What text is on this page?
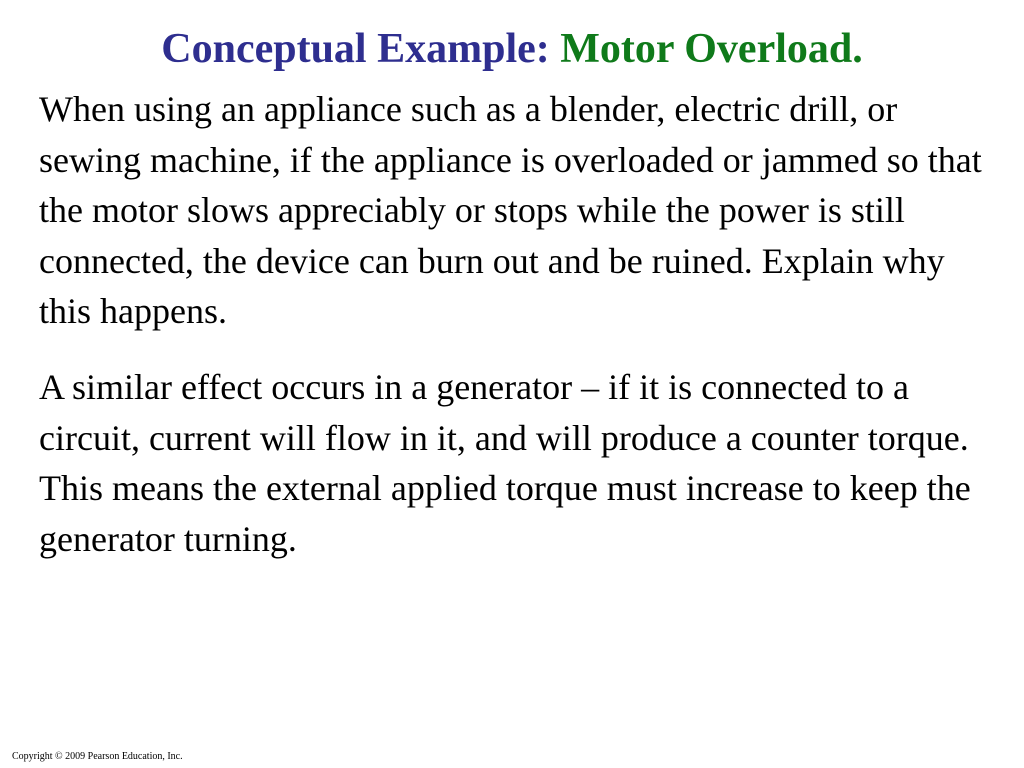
Conceptual Example: Motor Overload.

When using an appliance such as a blender, electric drill, or sewing machine, if the appliance is overloaded or jammed so that the motor slows appreciably or stops while the power is still connected, the device can burn out and be ruined. Explain why this happens.

A similar effect occurs in a generator – if it is connected to a circuit, current will flow in it, and will produce a counter torque. This means the external applied torque must increase to keep the generator turning.

Copyright © 2009 Pearson Education, Inc.
